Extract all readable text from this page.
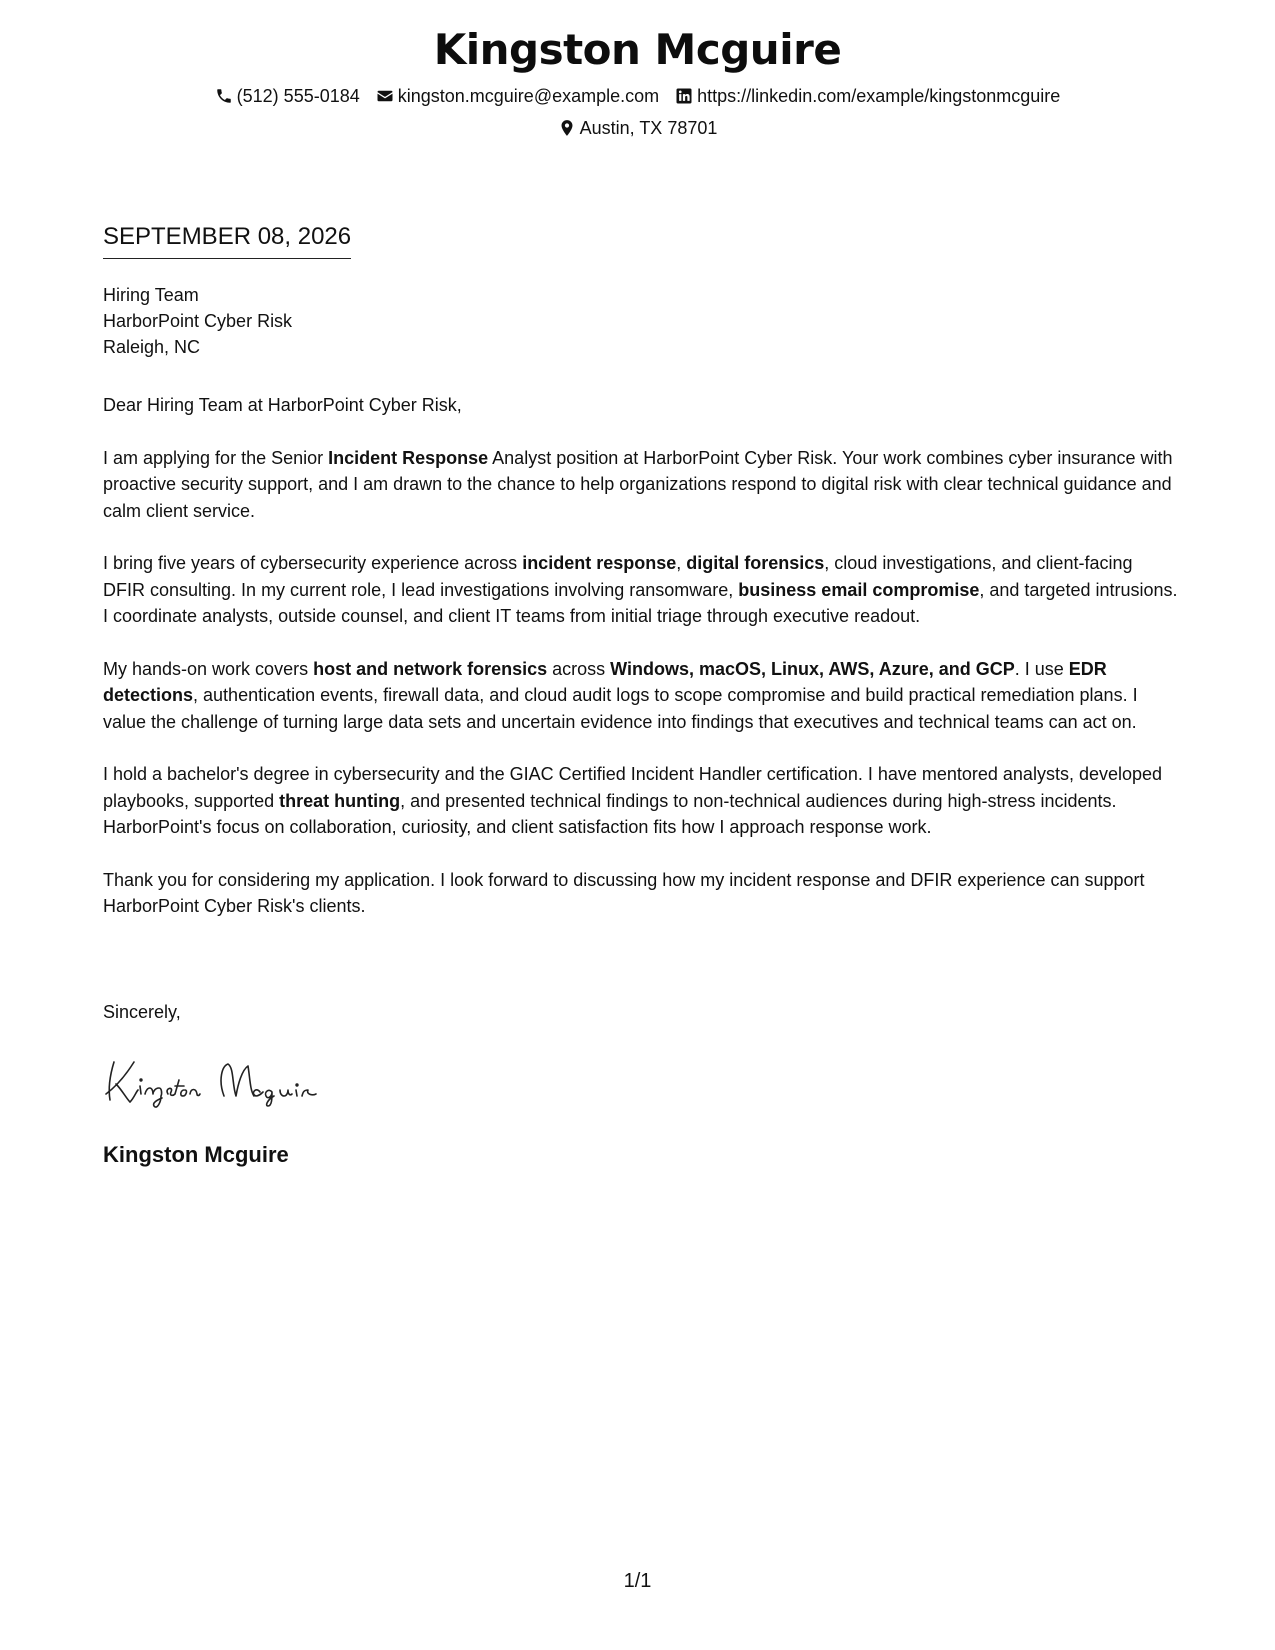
Kingston Mcguire
(512) 555-0184 kingston.mcguire@example.com https://linkedin.com/example/kingstonmcguire
Austin, TX 78701
SEPTEMBER 08, 2026
Hiring Team
HarborPoint Cyber Risk
Raleigh, NC

Dear Hiring Team at HarborPoint Cyber Risk,

I am applying for the Senior Incident Response Analyst position at HarborPoint Cyber Risk. Your work combines cyber insurance with proactive security support, and I am drawn to the chance to help organizations respond to digital risk with clear technical guidance and calm client service.

I bring five years of cybersecurity experience across incident response, digital forensics, cloud investigations, and client-facing DFIR consulting. In my current role, I lead investigations involving ransomware, business email compromise, and targeted intrusions. I coordinate analysts, outside counsel, and client IT teams from initial triage through executive readout.

My hands-on work covers host and network forensics across Windows, macOS, Linux, AWS, Azure, and GCP. I use EDR detections, authentication events, firewall data, and cloud audit logs to scope compromise and build practical remediation plans. I value the challenge of turning large data sets and uncertain evidence into findings that executives and technical teams can act on.

I hold a bachelor's degree in cybersecurity and the GIAC Certified Incident Handler certification. I have mentored analysts, developed playbooks, supported threat hunting, and presented technical findings to non-technical audiences during high-stress incidents. HarborPoint's focus on collaboration, curiosity, and client satisfaction fits how I approach response work.

Thank you for considering my application. I look forward to discussing how my incident response and DFIR experience can support HarborPoint Cyber Risk's clients.

Sincerely,
Kingston Mcguire
1/1
